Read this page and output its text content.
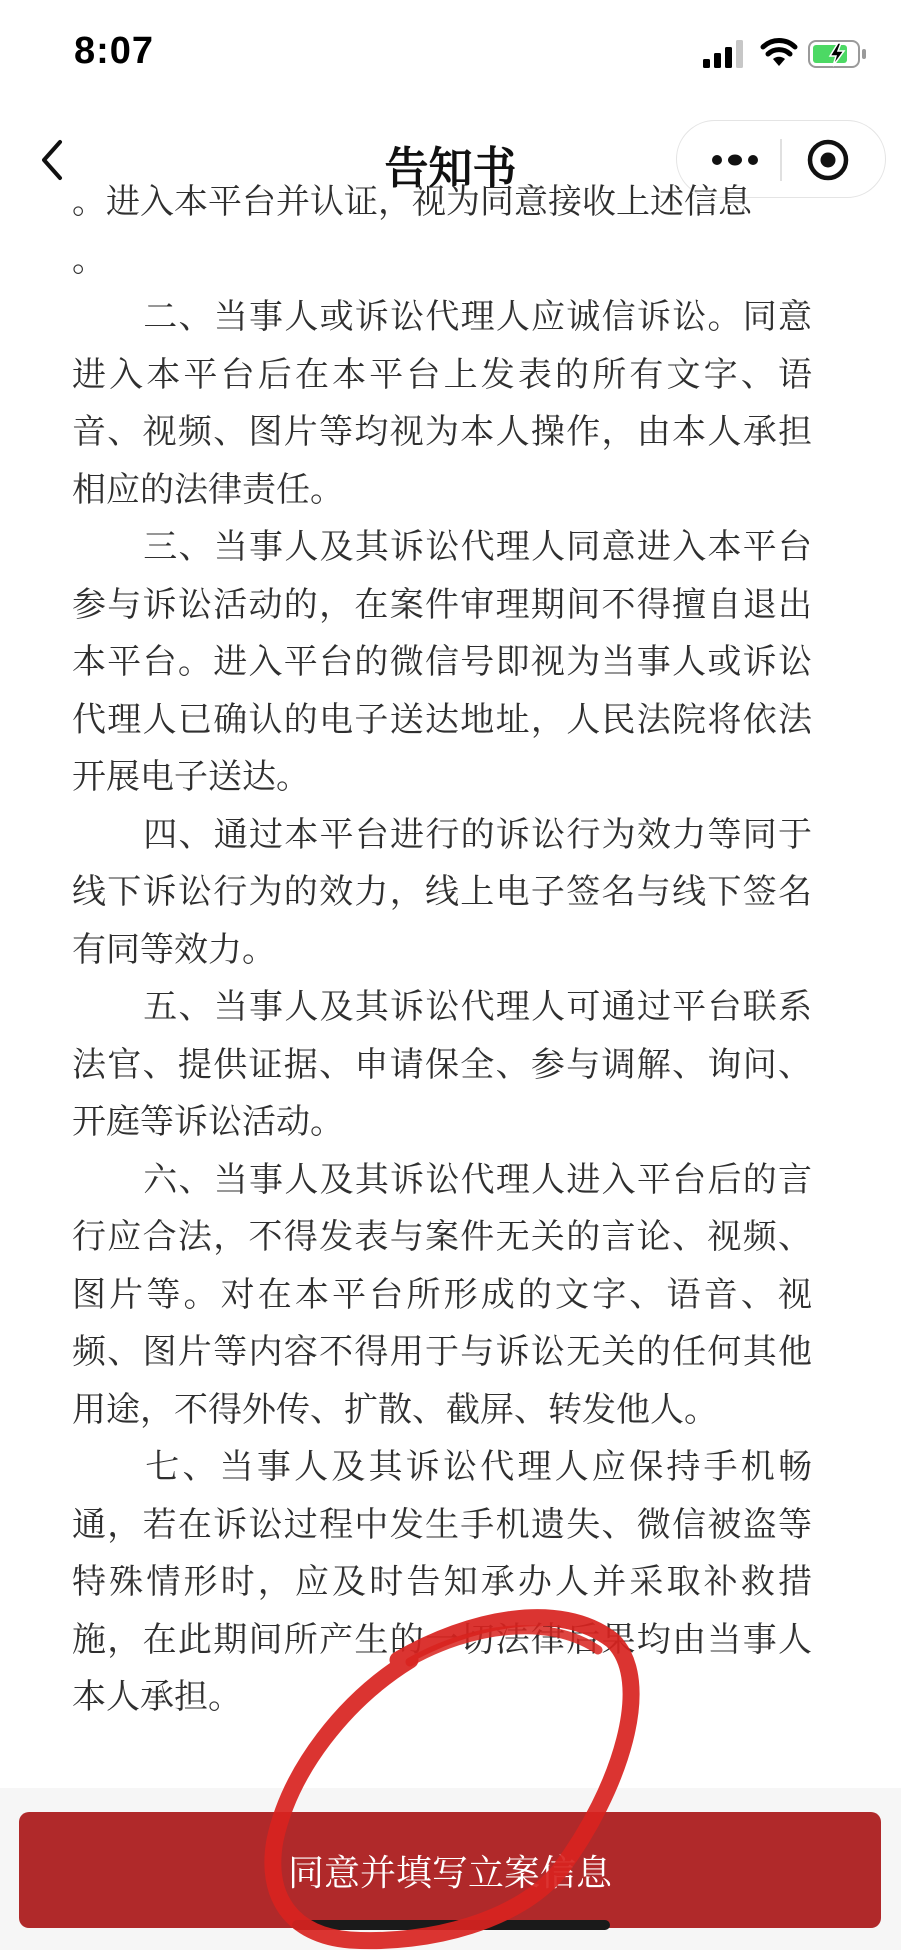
8:07
告知书
。进入本平台并认证，视为同意接收上述信息
。
二、当事人或诉讼代理人应诚信诉讼。同意进入本平台后在本平台上发表的所有文字、语音、视频、图片等均视为本人操作，由本人承担相应的法律责任。
三、当事人及其诉讼代理人同意进入本平台参与诉讼活动的，在案件审理期间不得擅自退出本平台。进入平台的微信号即视为当事人或诉讼代理人已确认的电子送达地址，人民法院将依法开展电子送达。
四、通过本平台进行的诉讼行为效力等同于线下诉讼行为的效力，线上电子签名与线下签名有同等效力。
五、当事人及其诉讼代理人可通过平台联系法官、提供证据、申请保全、参与调解、询问、开庭等诉讼活动。
六、当事人及其诉讼代理人进入平台后的言行应合法，不得发表与案件无关的言论、视频、图片等。对在本平台所形成的文字、语音、视频、图片等内容不得用于与诉讼无关的任何其他用途，不得外传、扩散、截屏、转发他人。
七、当事人及其诉讼代理人应保持手机畅通，若在诉讼过程中发生手机遗失、微信被盗等特殊情形时，应及时告知承办人并采取补救措施，在此期间所产生的一切法律后果均由当事人本人承担。
同意并填写立案信息
